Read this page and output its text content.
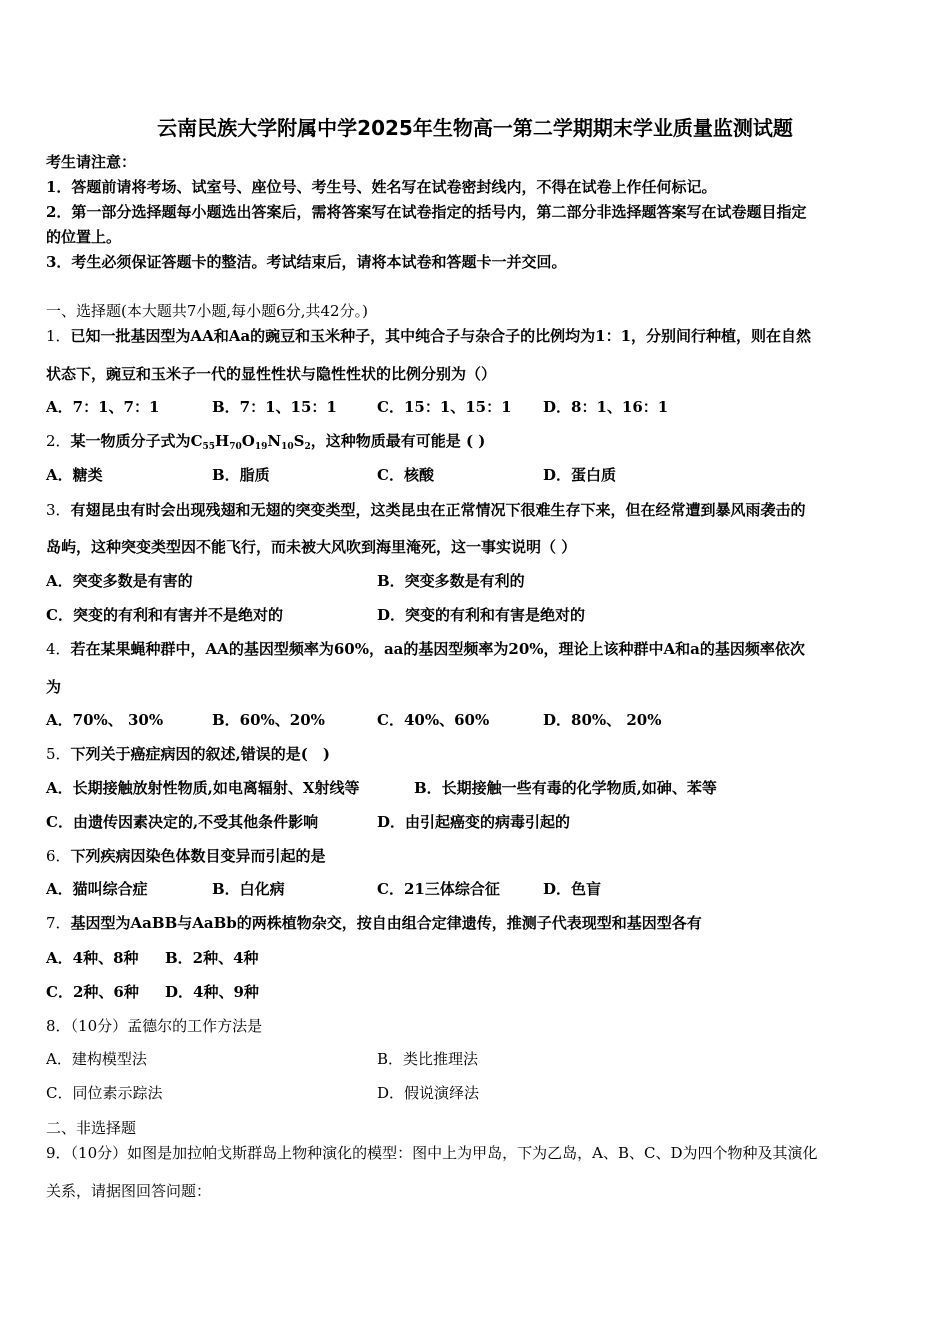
云南民族大学附属中学2025年生物高一第二学期期末学业质量监测试题
考生请注意：
1．答题前请将考场、试室号、座位号、考生号、姓名写在试卷密封线内，不得在试卷上作任何标记。
2．第一部分选择题每小题选出答案后，需将答案写在试卷指定的括号内，第二部分非选择题答案写在试卷题目指定
的位置上。
3．考生必须保证答题卡的整洁。考试结束后，请将本试卷和答题卡一并交回。
一、选择题(本大题共7小题,每小题6分,共42分。)
1．已知一批基因型为AA和Aa的豌豆和玉米种子，其中纯合子与杂合子的比例均为1：1，分别间行种植，则在自然
状态下，豌豆和玉米子一代的显性性状与隐性性状的比例分别为（）
A．7：1、7：1	B．7：1、15：1	C．15：1、15：1 D．8：1、16：1
2．某一物质分子式为$C_{55}H_{70}O_{19}N_{10}S_2$，这种物质最有可能是 ( )
A．糖类	B．脂质	C．核酸	D．蛋白质
3．有翅昆虫有时会出现残翅和无翅的突变类型，这类昆虫在正常情况下很难生存下来，但在经常遭到暴风雨袭击的
岛屿，这种突变类型因不能飞行，而未被大风吹到海里淹死，这一事实说明（ ）
A．突变多数是有害的	B．突变多数是有利的
C．突变的有利和有害并不是绝对的	D．突变的有利和有害是绝对的
4．若在某果蝇种群中，AA的基因型频率为60%，aa的基因型频率为20%，理论上该种群中A和a的基因频率依次
为
A．70%、 30%	B．60%、20%	C．40%、60%	D．80%、 20%
5．下列关于癌症病因的叙述,错误的是(　)
A．长期接触放射性物质,如电离辐射、X射线等	B．长期接触一些有毒的化学物质,如砷、苯等
C．由遗传因素决定的,不受其他条件影响	D．由引起癌变的病毒引起的
6．下列疾病因染色体数目变异而引起的是
A．猫叫综合症	B．白化病	C．21三体综合征	D．色盲
7．基因型为AaBB与AaBb的两株植物杂交，按自由组合定律遗传，推测子代表现型和基因型各有
A．4种、8种 B．2种、4种
C．2种、6种 D．4种、9种
8．（10分）孟德尔的工作方法是
A．建构模型法	B．类比推理法
C．同位素示踪法	D．假说演绎法
二、非选择题
9．（10分）如图是加拉帕戈斯群岛上物种演化的模型：图中上为甲岛，下为乙岛，A、B、C、D为四个物种及其演化
关系，请据图回答问题：
